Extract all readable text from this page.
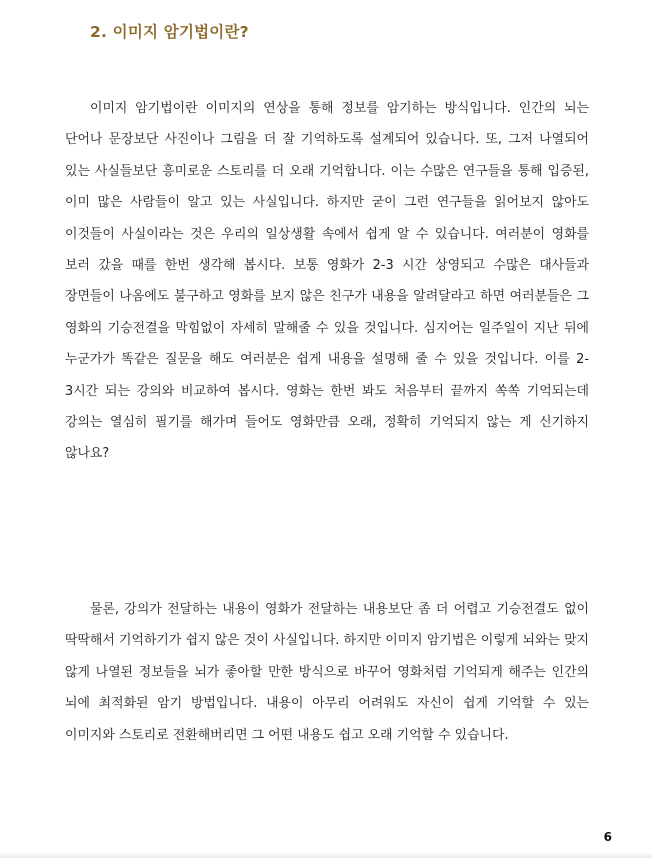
2. 이미지 암기법이란?

이미지 암기법이란 이미지의 연상을 통해 정보를 암기하는 방식입니다. 인간의 뇌는 단어나 문장보단 사진이나 그림을 더 잘 기억하도록 설계되어 있습니다. 또, 그저 나열되어 있는 사실들보단 흥미로운 스토리를 더 오래 기억합니다. 이는 수많은 연구들을 통해 입증된, 이미 많은 사람들이 알고 있는 사실입니다. 하지만 굳이 그런 연구들을 읽어보지 않아도 이것들이 사실이라는 것은 우리의 일상생활 속에서 쉽게 알 수 있습니다. 여러분이 영화를 보러 갔을 때를 한번 생각해 봅시다. 보통 영화가 2-3 시간 상영되고 수많은 대사들과 장면들이 나옴에도 불구하고 영화를 보지 않은 친구가 내용을 알려달라고 하면 여러분들은 그 영화의 기승전결을 막힘없이 자세히 말해줄 수 있을 것입니다. 심지어는 일주일이 지난 뒤에 누군가가 똑같은 질문을 해도 여러분은 쉽게 내용을 설명해 줄 수 있을 것입니다. 이를 2-3시간 되는 강의와 비교하여 봅시다. 영화는 한번 봐도 처음부터 끝까지 쏙쏙 기억되는데 강의는 열심히 필기를 해가며 들어도 영화만큼 오래, 정확히 기억되지 않는 게 신기하지 않나요?

물론, 강의가 전달하는 내용이 영화가 전달하는 내용보단 좀 더 어렵고 기승전결도 없이 딱딱해서 기억하기가 쉽지 않은 것이 사실입니다. 하지만 이미지 암기법은 이렇게 뇌와는 맞지 않게 나열된 정보들을 뇌가 좋아할 만한 방식으로 바꾸어 영화처럼 기억되게 해주는 인간의 뇌에 최적화된 암기 방법입니다. 내용이 아무리 어려워도 자신이 쉽게 기억할 수 있는 이미지와 스토리로 전환해버리면 그 어떤 내용도 쉽고 오래 기억할 수 있습니다.

6
